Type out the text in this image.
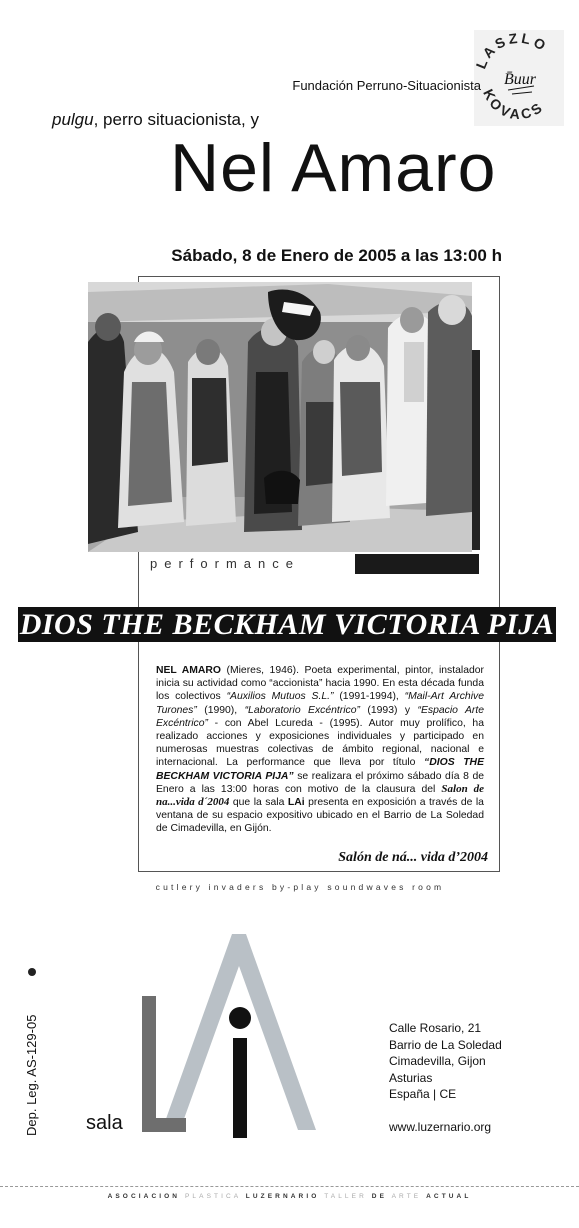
LASZLO
KOVACS
B̄uur
Fundación Perruno-Situacionista
pulgu, perro situacionista, y
Nel Amaro
Sábado, 8 de Enero de 2005 a las 13:00 h
performance
DIOS THE BECKHAM VICTORIA PIJA
NEL AMARO (Mieres, 1946). Poeta experimental, pintor, instalador inicia su actividad como “accionista” hacia 1990. En esta década funda los colectivos “Auxilios Mutuos S.L.” (1991-1994), “Mail-Art Archive Turones” (1990), “Laboratorio Excéntrico” (1993) y “Espacio Arte Excéntrico” - con Abel Lcureda - (1995). Autor muy prolífico, ha realizado acciones y exposiciones individuales y participado en numerosas muestras colectivas de ámbito regional, nacional e internacional. La performance que lleva por título “DIOS THE BECKHAM VICTORIA PIJA” se realizara el próximo sábado día 8 de Enero a las 13:00 horas con motivo de la clausura del Salon de na...vida d´2004 que la sala LAi presenta en exposición a través de la ventana de su espacio expositivo ubicado en el Barrio de La Soledad de Cimadevilla, en Gijón.
Salón de ná... vida d’2004
cutlery invaders by-play soundwaves room
Dep. Leg. AS-129-05 sala
Calle Rosario, 21
Barrio de La Soledad
Cimadevilla, Gijon
Asturias
España | CE
www.luzernario.org
ASOCIACION PLASTICA LUZERNARIO TALLER DE ARTE ACTUAL
